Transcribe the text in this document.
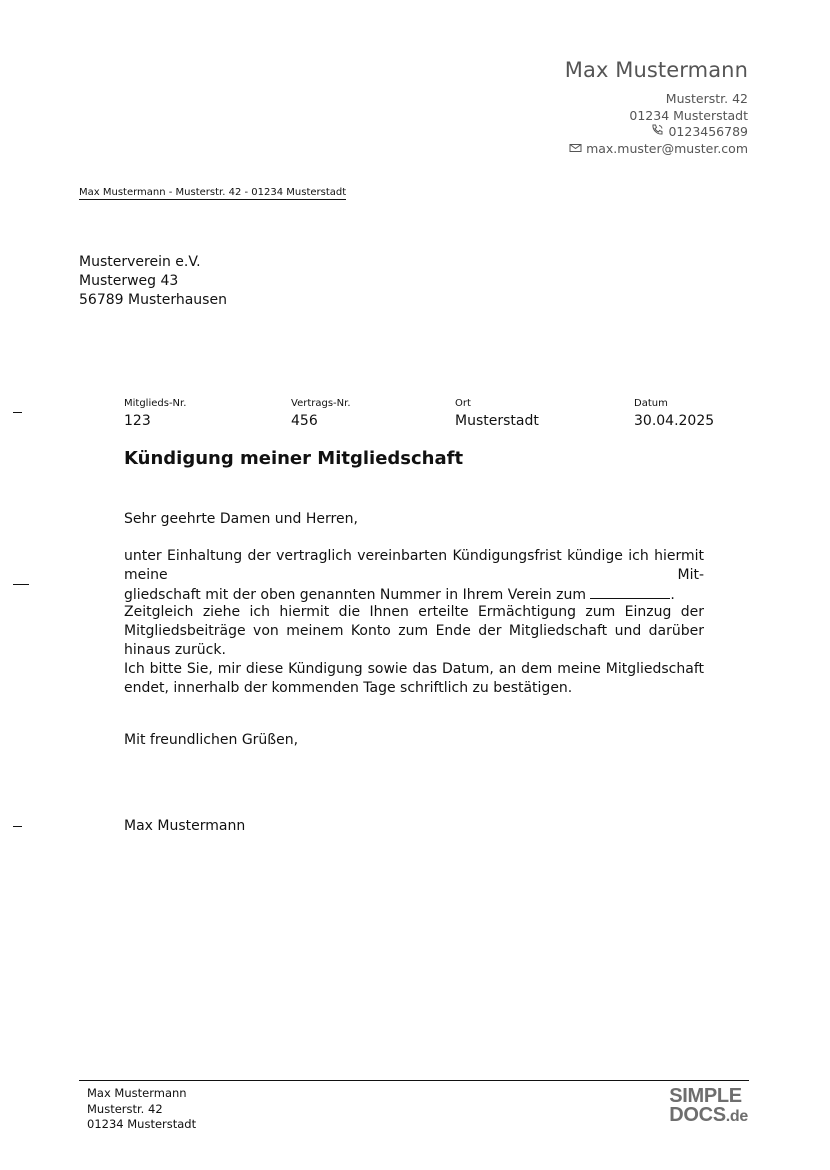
Max Mustermann
Musterstr. 42
01234 Musterstadt
0123456789
max.muster@muster.com
Max Mustermann - Musterstr. 42 - 01234 Musterstadt
Musterverein e.V.
Musterweg 43
56789 Musterhausen
Mitglieds-Nr.
123
Vertrags-Nr.
456
Ort
Musterstadt
Datum
30.04.2025
Kündigung meiner Mitgliedschaft
Sehr geehrte Damen und Herren,
unter Einhaltung der vertraglich vereinbarten Kündigungsfrist kündige ich hiermit meine Mit-
gliedschaft mit der oben genannten Nummer in Ihrem Verein zum	.
Zeitgleich ziehe ich hiermit die Ihnen erteilte Ermächtigung zum Einzug der Mitgliedsbeiträge von meinem Konto zum Ende der Mitgliedschaft und darüber hinaus zurück.
Ich bitte Sie, mir diese Kündigung sowie das Datum, an dem meine Mitgliedschaft endet, innerhalb der kommenden Tage schriftlich zu bestätigen.
Mit freundlichen Grüßen,
Max Mustermann
Max Mustermann
Musterstr. 42
01234 Musterstadt
SIMPLE
DOCS.de
